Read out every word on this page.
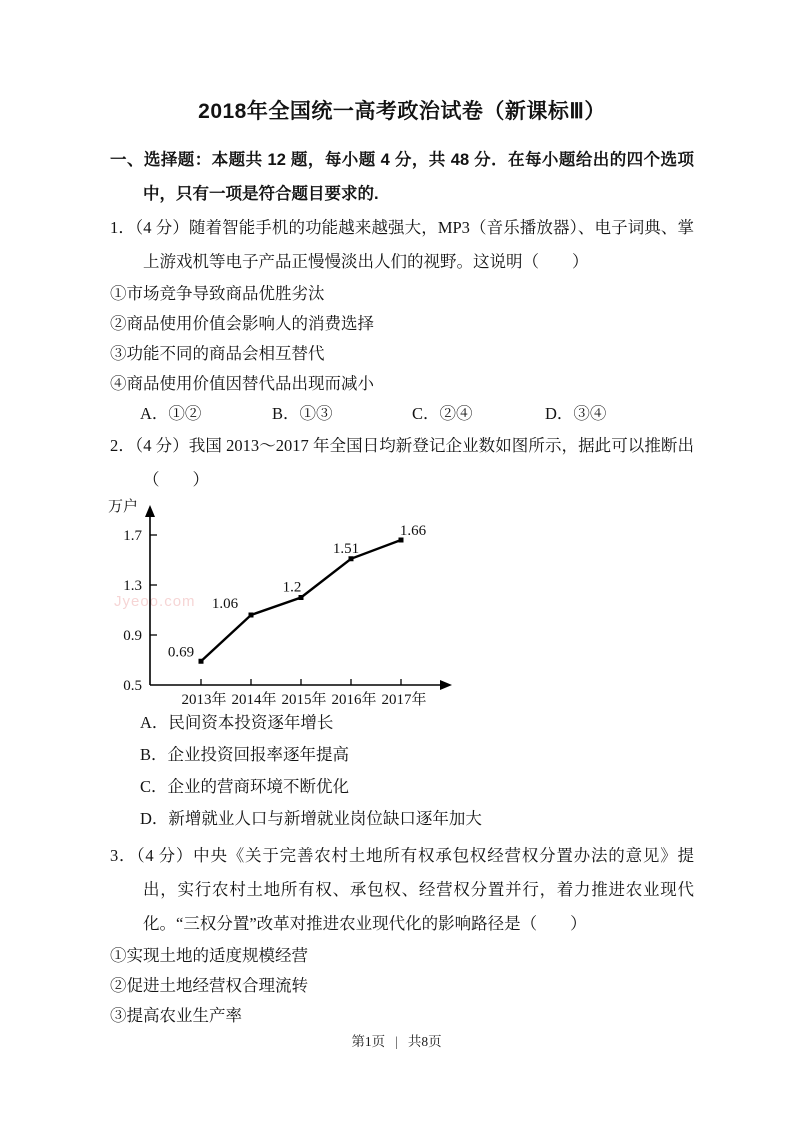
2018年全国统一高考政治试卷（新课标Ⅲ）

一、选择题：本题共 12 题，每小题 4 分，共 48 分．在每小题给出的四个选项中，只有一项是符合题目要求的.

1．（4 分）随着智能手机的功能越来越强大，MP3（音乐播放器）、电子词典、掌上游戏机等电子产品正慢慢淡出人们的视野。这说明（　　）

①市场竞争导致商品优胜劣汰

②商品使用价值会影响人的消费选择

③功能不同的商品会相互替代

④商品使用价值因替代品出现而减小

A．①②	B．①③	C．②④	D．③④

2．（4 分）我国 2013～2017 年全国日均新登记企业数如图所示，据此可以推断出（　　）

万户
Jyeoo.com
0.5
0.9
1.3
1.7
2013年 2014年 2015年 2016年 2017年
0.69
1.06
1.2
1.51
1.66

A．民间资本投资逐年增长

B．企业投资回报率逐年提高

C．企业的营商环境不断优化

D．新增就业人口与新增就业岗位缺口逐年加大

3．（4 分）中央《关于完善农村土地所有权承包权经营权分置办法的意见》提出，实行农村土地所有权、承包权、经营权分置并行，着力推进农业现代化。“三权分置”改革对推进农业现代化的影响路径是（　　）

①实现土地的适度规模经营

②促进土地经营权合理流转

③提高农业生产率

第1页 | 共8页
